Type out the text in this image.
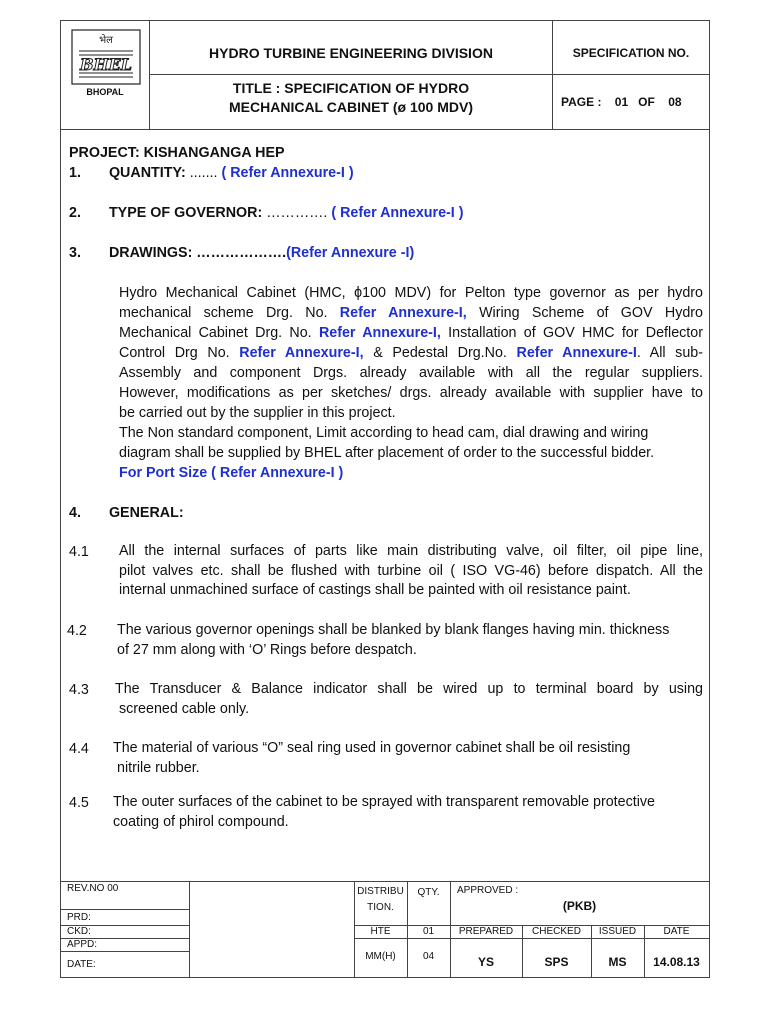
भेल
BHEL
BHOPAL
HYDRO TURBINE ENGINEERING DIVISION	SPECIFICATION NO.
TITLE : SPECIFICATION OF HYDRO
MECHANICAL CABINET (ø 100 MDV)	PAGE : 01 OF 08
PROJECT: KISHANGANGA HEP
1. QUANTITY: ....... ( Refer Annexure-I )
2. TYPE OF GOVERNOR: …………. ( Refer Annexure-I )
3. DRAWINGS: ……………….(Refer Annexure -I)
Hydro Mechanical Cabinet (HMC, ϕ100 MDV) for Pelton type governor as per hydro
mechanical scheme Drg. No. Refer Annexure-I, Wiring Scheme of GOV Hydro
Mechanical Cabinet Drg. No. Refer Annexure-I, Installation of GOV HMC for Deflector
Control Drg No. Refer Annexure-I, & Pedestal Drg.No. Refer Annexure-I. All sub-
Assembly and component Drgs. already available with all the regular suppliers.
However, modifications as per sketches/ drgs. already available with supplier have to
be carried out by the supplier in this project.
The Non standard component, Limit according to head cam, dial drawing and wiring
diagram shall be supplied by BHEL after placement of order to the successful bidder.
For Port Size ( Refer Annexure-I )
4. GENERAL:
4.1 All the internal surfaces of parts like main distributing valve, oil filter, oil pipe line,
pilot valves etc. shall be flushed with turbine oil ( ISO VG-46) before dispatch. All the
internal unmachined surface of castings shall be painted with oil resistance paint.
4.2 The various governor openings shall be blanked by blank flanges having min. thickness
of 27 mm along with ‘O’ Rings before despatch.
4.3 The Transducer & Balance indicator shall be wired up to terminal board by using
screened cable only.
4.4 The material of various “O” seal ring used in governor cabinet shall be oil resisting
nitrile rubber.
4.5 The outer surfaces of the cabinet to be sprayed with transparent removable protective
coating of phirol compound.
REV.NO 00
PRD:
CKD:
APPD:
DATE:
DISTRIBU
TION.
QTY.	APPROVED :
(PKB)
HTE	01	PREPARED	CHECKED	ISSUED	DATE
MM(H)	04	YS	SPS	MS	14.08.13
